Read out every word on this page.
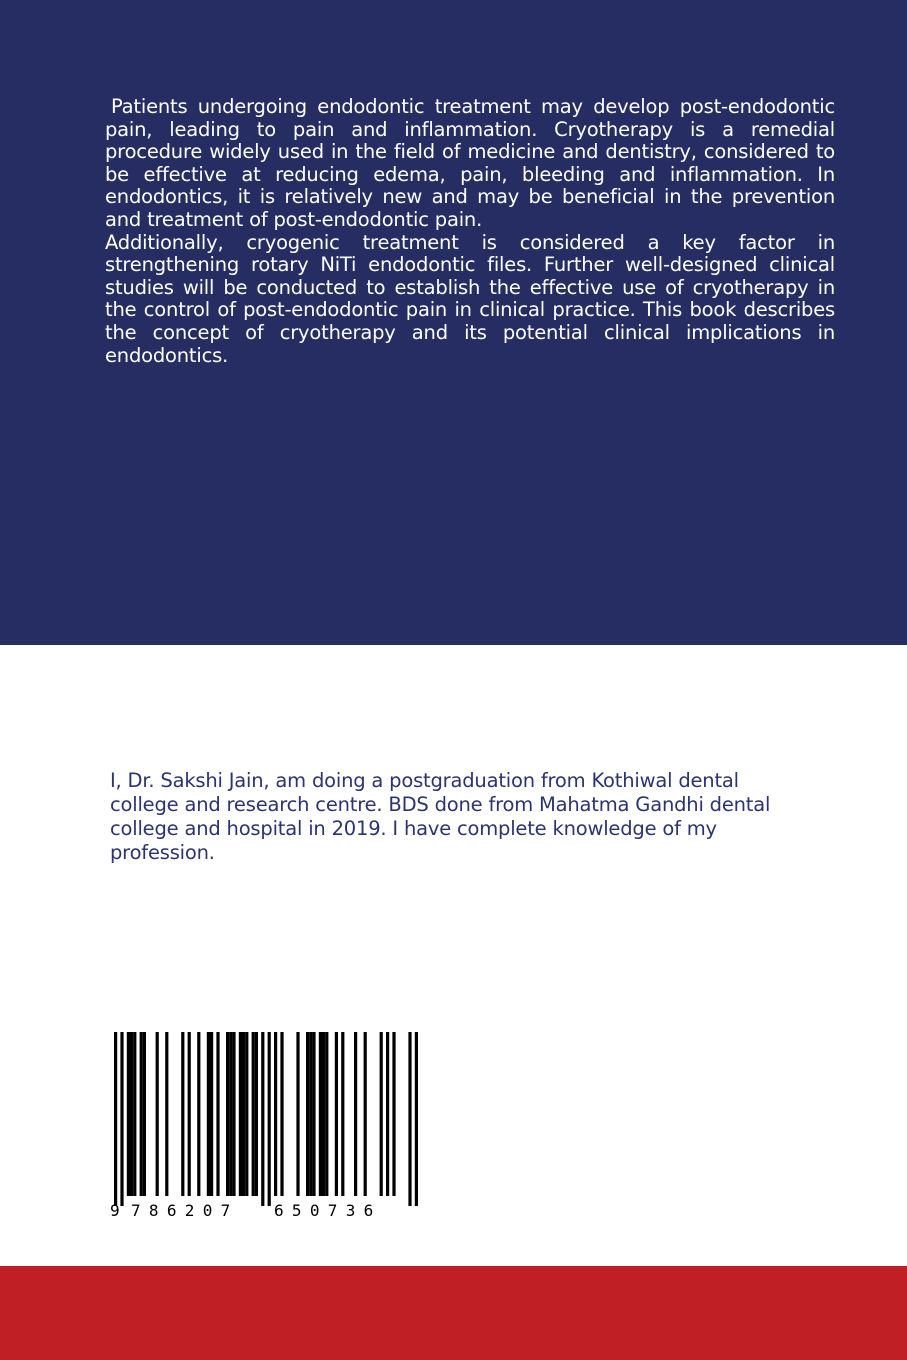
Patients undergoing endodontic treatment may develop post-endodontic pain, leading to pain and inflammation. Cryotherapy is a remedial procedure widely used in the field of medicine and dentistry, considered to be effective at reducing edema, pain, bleeding and inflammation. In endodontics, it is relatively new and may be beneficial in the prevention and treatment of post-endodontic pain.

Additionally, cryogenic treatment is considered a key factor in strengthening rotary NiTi endodontic files. Further well-designed clinical studies will be conducted to establish the effective use of cryotherapy in the control of post-endodontic pain in clinical practice. This book describes the concept of cryotherapy and its potential clinical implications in endodontics.

I, Dr. Sakshi Jain, am doing a postgraduation from Kothiwal dental college and research centre. BDS done from Mahatma Gandhi dental college and hospital in 2019. I have complete knowledge of my profession.
9 786207 650736
